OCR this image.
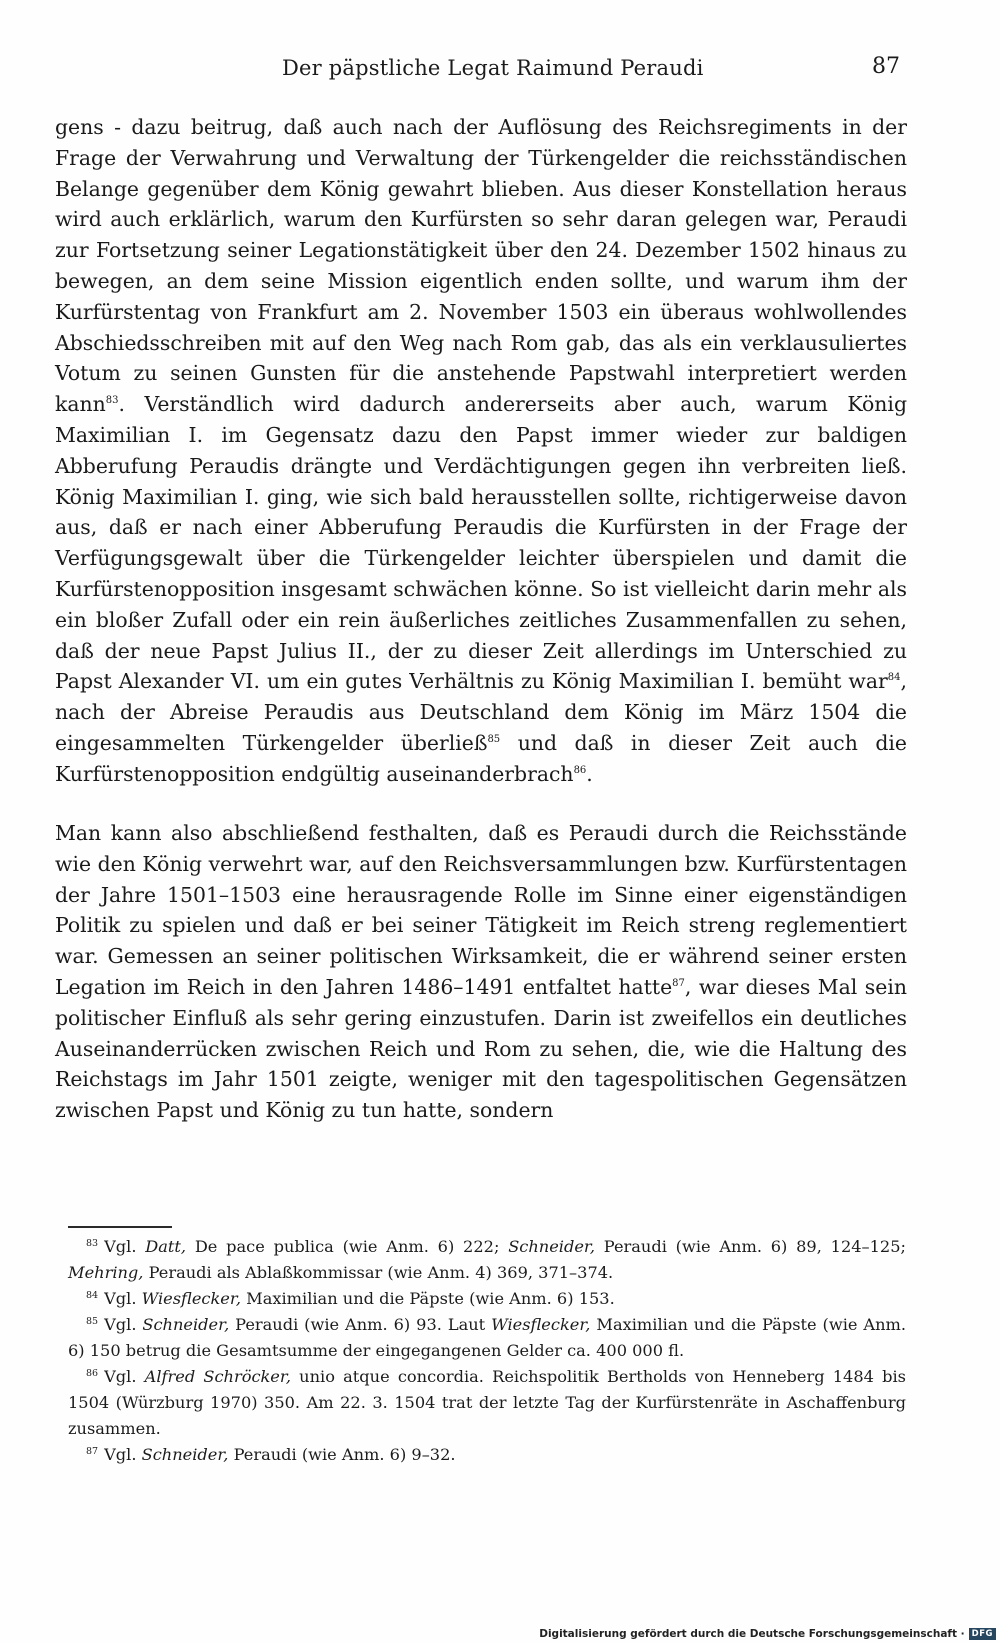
Der päpstliche Legat Raimund Peraudi	87

gens - dazu beitrug, daß auch nach der Auflösung des Reichsregiments in der Frage der Verwahrung und Verwaltung der Türkengelder die reichsständischen Belange gegenüber dem König gewahrt blieben. Aus dieser Konstellation heraus wird auch erklärlich, warum den Kurfürsten so sehr daran gelegen war, Peraudi zur Fortsetzung seiner Legationstätigkeit über den 24. Dezember 1502 hinaus zu bewegen, an dem seine Mission eigentlich enden sollte, und warum ihm der Kurfürstentag von Frankfurt am 2. November 1503 ein überaus wohlwollendes Abschiedsschreiben mit auf den Weg nach Rom gab, das als ein verklausuliertes Votum zu seinen Gunsten für die anstehende Papstwahl interpretiert werden kann$^{83}$. Verständlich wird dadurch andererseits aber auch, warum König Maximilian I. im Gegensatz dazu den Papst immer wieder zur baldigen Abberufung Peraudis drängte und Verdächtigungen gegen ihn verbreiten ließ. König Maximilian I. ging, wie sich bald herausstellen sollte, richtigerweise davon aus, daß er nach einer Abberufung Peraudis die Kurfürsten in der Frage der Verfügungsgewalt über die Türkengelder leichter überspielen und damit die Kurfürstenopposition insgesamt schwächen könne. So ist vielleicht darin mehr als ein bloßer Zufall oder ein rein äußerliches zeitliches Zusammenfallen zu sehen, daß der neue Papst Julius II., der zu dieser Zeit allerdings im Unterschied zu Papst Alexander VI. um ein gutes Verhältnis zu König Maximilian I. bemüht war$^{84}$, nach der Abreise Peraudis aus Deutschland dem König im März 1504 die eingesammelten Türkengelder überließ$^{85}$ und daß in dieser Zeit auch die Kurfürstenopposition endgültig auseinanderbrach$^{86}$.

Man kann also abschließend festhalten, daß es Peraudi durch die Reichsstände wie den König verwehrt war, auf den Reichsversammlungen bzw. Kurfürstentagen der Jahre 1501–1503 eine herausragende Rolle im Sinne einer eigenständigen Politik zu spielen und daß er bei seiner Tätigkeit im Reich streng reglementiert war. Gemessen an seiner politischen Wirksamkeit, die er während seiner ersten Legation im Reich in den Jahren 1486–1491 entfaltet hatte$^{87}$, war dieses Mal sein politischer Einfluß als sehr gering einzustufen. Darin ist zweifellos ein deutliches Auseinanderrücken zwischen Reich und Rom zu sehen, die, wie die Haltung des Reichstags im Jahr 1501 zeigte, weniger mit den tagespolitischen Gegensätzen zwischen Papst und König zu tun hatte, sondern

$^{83}$ Vgl. Datt, De pace publica (wie Anm. 6) 222; Schneider, Peraudi (wie Anm. 6) 89, 124–125; Mehring, Peraudi als Ablaßkommissar (wie Anm. 4) 369, 371–374.

$^{84}$ Vgl. Wiesflecker, Maximilian und die Päpste (wie Anm. 6) 153.

$^{85}$ Vgl. Schneider, Peraudi (wie Anm. 6) 93. Laut Wiesflecker, Maximilian und die Päpste (wie Anm. 6) 150 betrug die Gesamtsumme der eingegangenen Gelder ca. 400 000 fl.

$^{86}$ Vgl. Alfred Schröcker, unio atque concordia. Reichspolitik Bertholds von Henneberg 1484 bis 1504 (Würzburg 1970) 350. Am 22. 3. 1504 trat der letzte Tag der Kurfürstenräte in Aschaffenburg zusammen.

$^{87}$ Vgl. Schneider, Peraudi (wie Anm. 6) 9–32.

Digitalisierung gefördert durch die Deutsche Forschungsgemeinschaft · DFG
